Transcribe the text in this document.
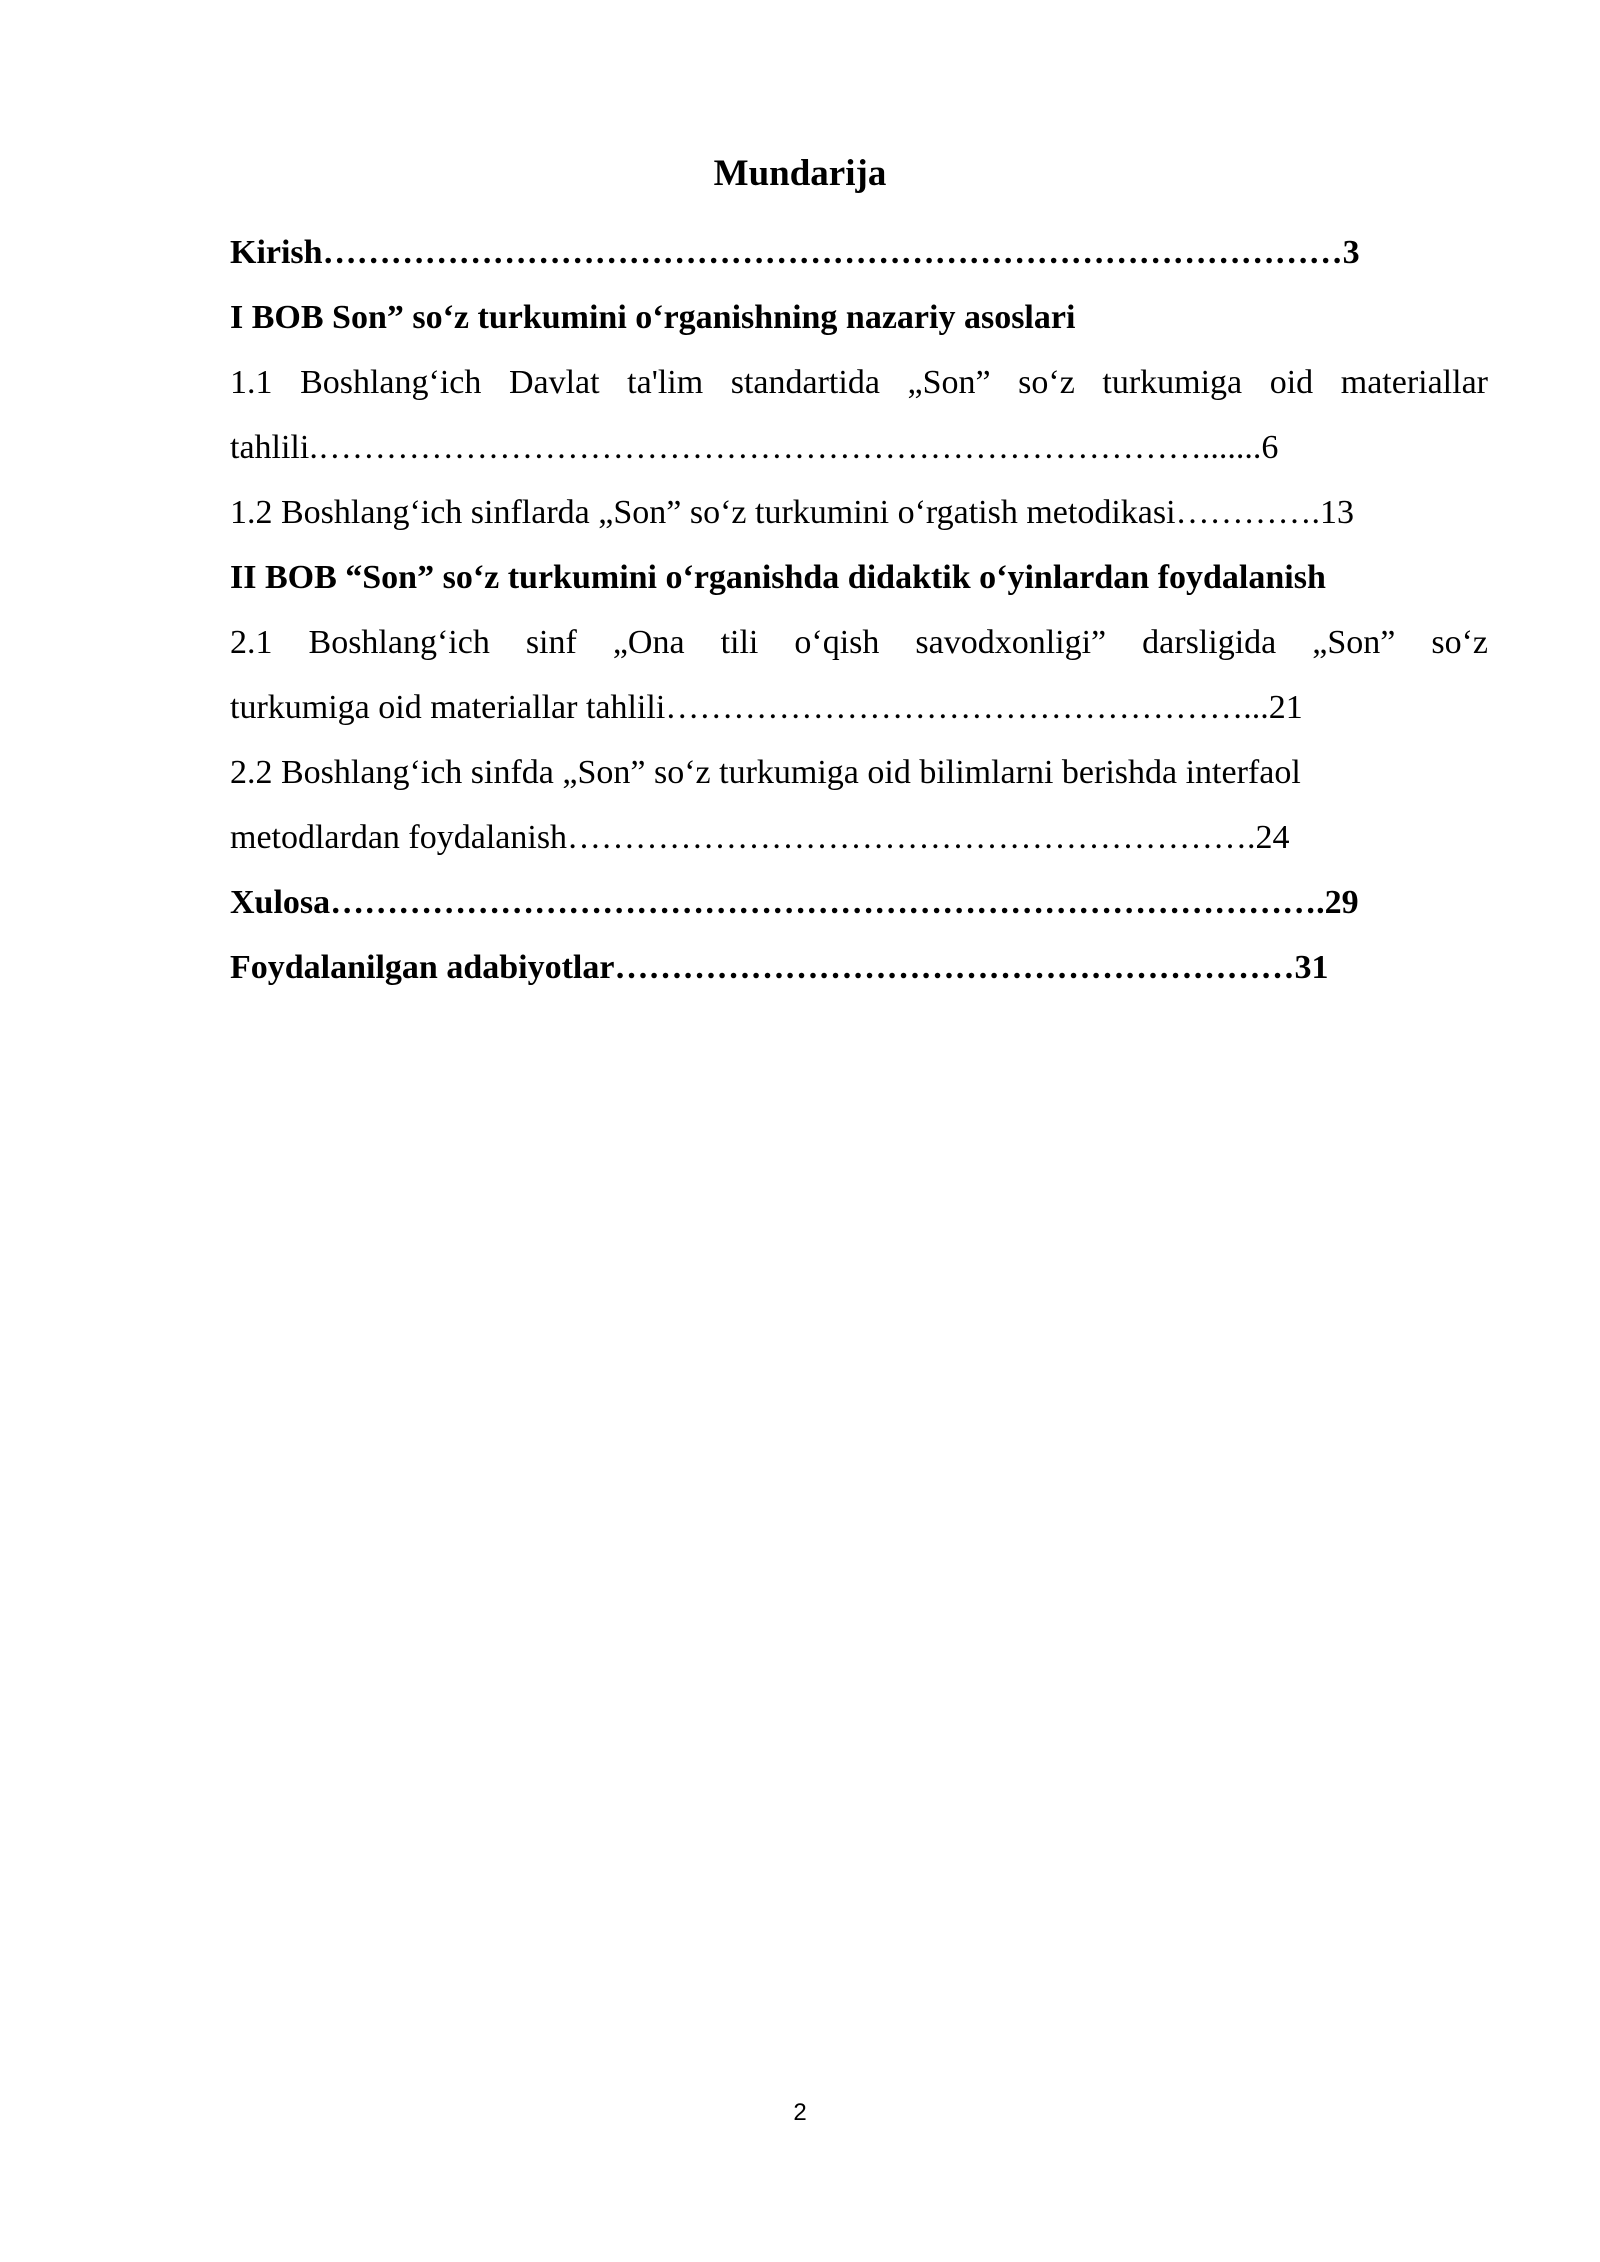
Mundarija
Kirish………………………………………………………………………………3
I BOB Son” so‘z turkumini o‘rganishning nazariy asoslari
1.1 Boshlang‘ich Davlat ta'lim standartida „Son” so‘z turkumiga oid materiallar
tahlili.…………………………………………………………………….......6
1.2 Boshlang‘ich sinflarda „Son” so‘z turkumini o‘rgatish metodikasi………….13
II BOB “Son” so‘z turkumini o‘rganishda didaktik o‘yinlardan foydalanish
2.1 Boshlang‘ich sinf „Ona tili o‘qish savodxonligi” darsligida „Son” so‘z
turkumiga oid materiallar tahlili……………………………………………...21
2.2 Boshlang‘ich sinfda „Son” so‘z turkumiga oid bilimlarni berishda interfaol
metodlardan foydalanish…………………………………………………….24
Xulosa…………………………………………………………………………….29
Foydalanilgan adabiyotlar……………………………………………………31
2
